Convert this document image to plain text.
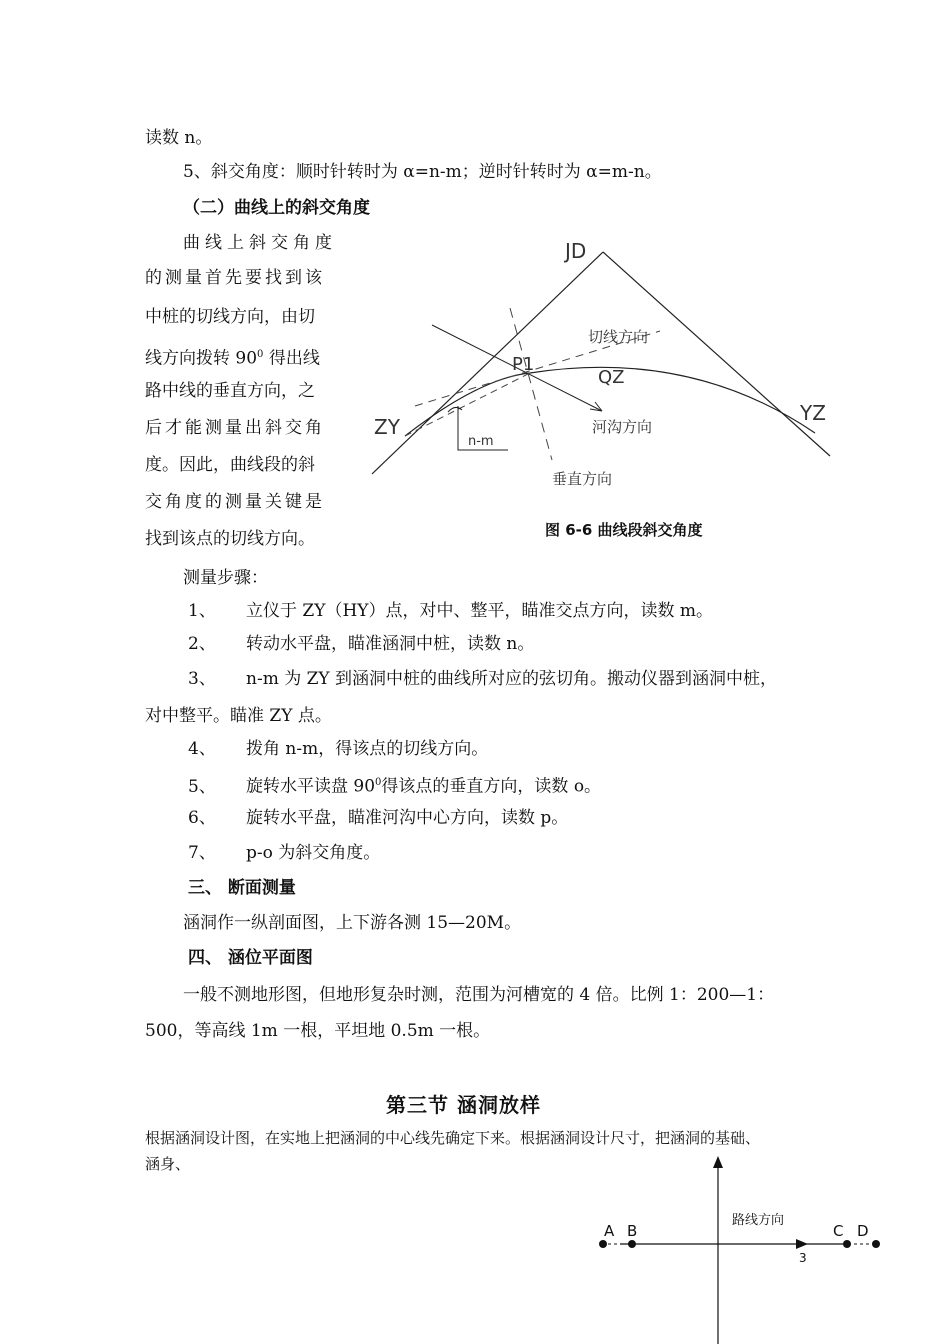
读数 n。
5、斜交角度：顺时针转时为 α=n-m；逆时针转时为 α=m-n。
（二）曲线上的斜交角度
曲线上斜交角度
的测量首先要找到该
中桩的切线方向，由切
线方向拨转 $90^0$ 得出线
路中线的垂直方向，之
后才能测量出斜交角
度。因此，曲线段的斜
交角度的测量关键是
找到该点的切线方向。
JD
ZY
YZ
P1
QZ
切线方向
河沟方向
垂直方向
n-m
图 6-6 曲线段斜交角度
测量步骤：
1、 立仪于 ZY（HY）点，对中、整平，瞄准交点方向，读数 m。
2、 转动水平盘，瞄准涵洞中桩，读数 n。
3、 n-m 为 ZY 到涵洞中桩的曲线所对应的弦切角。搬动仪器到涵洞中桩，
对中整平。瞄准 ZY 点。
4、 拨角 n-m，得该点的切线方向。
5、 旋转水平读盘 $90^0$得该点的垂直方向，读数 o。
6、 旋转水平盘，瞄准河沟中心方向，读数 p。
7、 p-o 为斜交角度。
三、 断面测量
涵洞作一纵剖面图，上下游各测 15—20M。
四、 涵位平面图
一般不测地形图，但地形复杂时测，范围为河槽宽的 4 倍。比例 1：200—1：
500，等高线 1m 一根，平坦地 0.5m 一根。
第三节 涵洞放样
根据涵洞设计图，在实地上把涵洞的中心线先确定下来。根据涵洞设计尺寸，把涵洞的基础、
涵身、
A B	C D
路线方向
3
